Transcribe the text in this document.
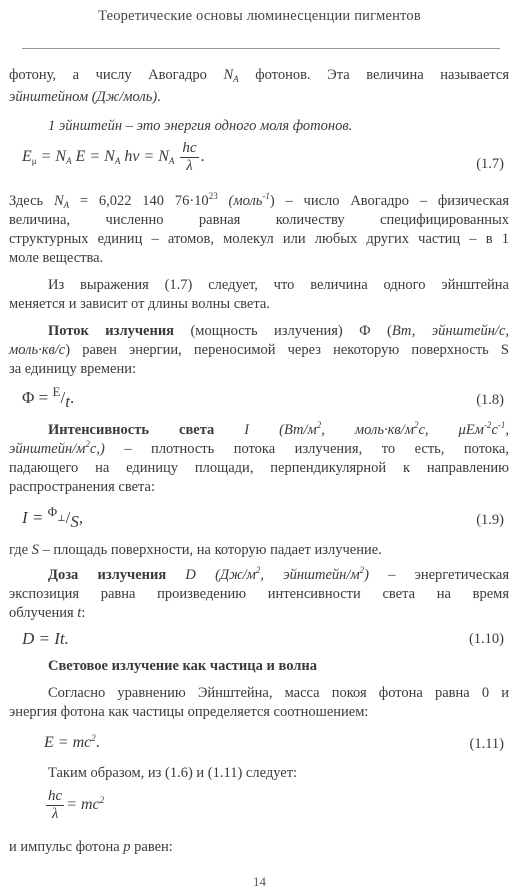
Теоретические основы люминесценции пигментов
фотону, а числу Авогадро $N_A$ фотонов. Эта величина называется
эйнштейном (Дж/моль).
1 эйнштейн – это энергия одного моля фотонов.
$E_\mu = N_A$ $E = N_A$ $h\nu = N_A \frac{hc}{\lambda}$ .	(1.7)
Здесь $N_A = 6,022$ 140 $76\cdot 10^{23}$ (моль$^{-1}$) – число Авогадро – физическая
величина, численно равная количеству специфицированных
структурных единиц – атомов, молекул или любых других частиц – в 1
моле вещества.
Из выражения (1.7) следует, что величина одного эйнштейна
меняется и зависит от длины волны света.
Поток излучения (мощность излучения) Ф (Вт, эйнштейн/с,
моль·кв/с) равен энергии, переносимой через некоторую поверхность S
за единицу времени:
Φ = $^E$/t.	(1.8)
Интенсивность света I ($Вт/м^2$, $моль\cdot кв/м^2с$, $\mu Ем^{-2}с^{-1}$,
эйнштейн/$м^2с$,) – плотность потока излучения, то есть, потока,
падающего на единицу площади, перпендикулярной к направлению
распространения света:
I = $^\Phi_\perp$/S,	(1.9)
где S – площадь поверхности, на которую падает излучение.
Доза излучения D ($Дж/м^2$, эйнштейн/$м^2$) – энергетическая
экспозиция равна произведению интенсивности света на время
облучения t:
D = It.	(1.10)
Световое излучение как частица и волна
Согласно уравнению Эйнштейна, масса покоя фотона равна 0 и
энергия фотона как частицы определяется соотношением:
$E = mc^2$.	(1.11)
Таким образом, из (1.6) и (1.11) следует:
$\frac{hc}{\lambda} = mc^2$
и импульс фотона p равен:
14
